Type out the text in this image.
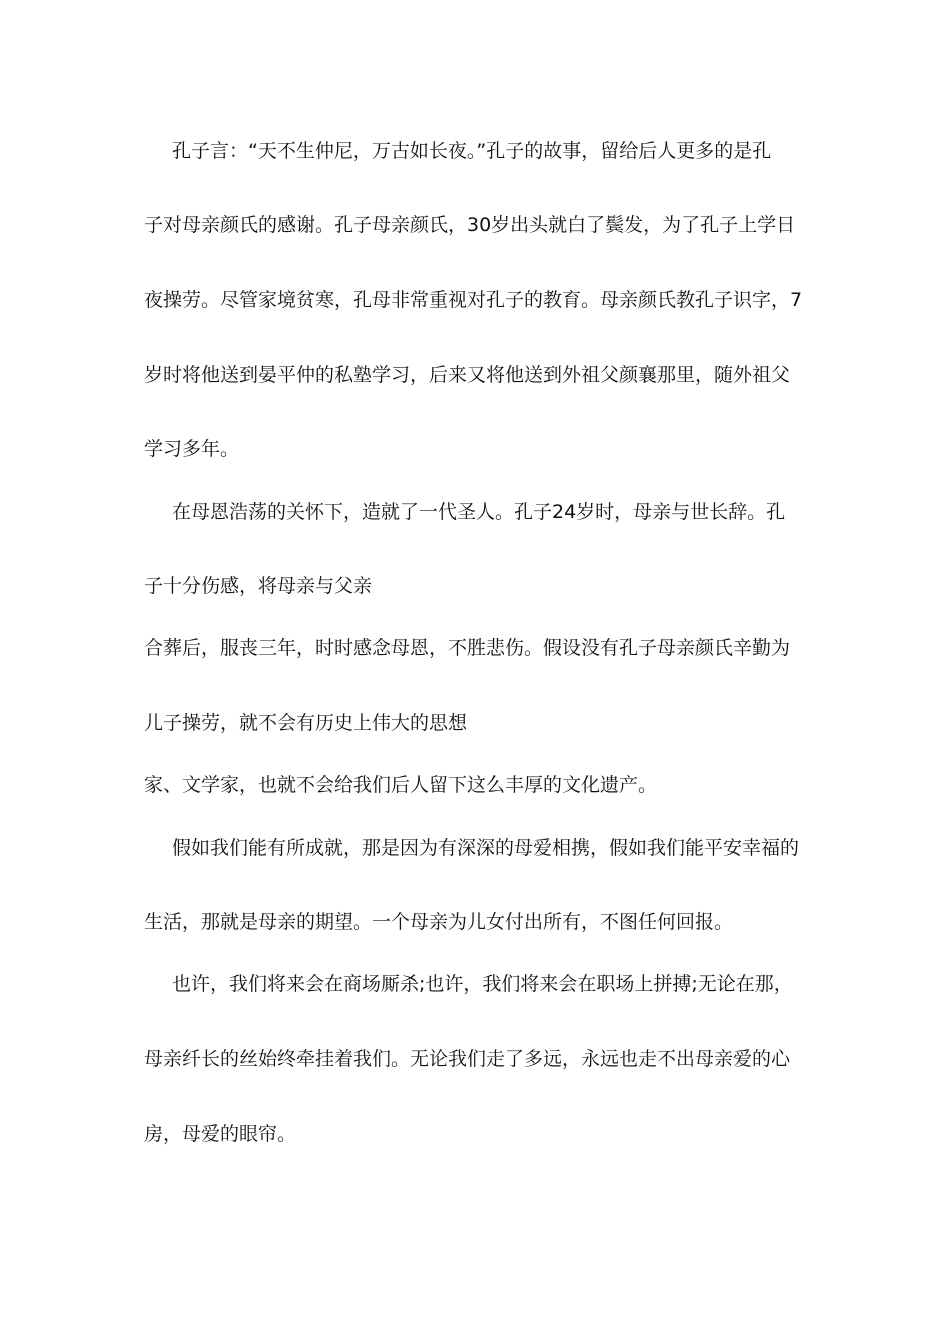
孔子言：“天不生仲尼，万古如长夜。”孔子的故事，留给后人更多的是孔

子对母亲颜氏的感谢。孔子母亲颜氏，30岁出头就白了鬓发，为了孔子上学日

夜操劳。尽管家境贫寒，孔母非常重视对孔子的教育。母亲颜氏教孔子识字，7

岁时将他送到晏平仲的私塾学习，后来又将他送到外祖父颜襄那里，随外祖父

学习多年。

在母恩浩荡的关怀下，造就了一代圣人。孔子24岁时，母亲与世长辞。孔

子十分伤感，将母亲与父亲

合葬后，服丧三年，时时感念母恩，不胜悲伤。假设没有孔子母亲颜氏辛勤为

儿子操劳，就不会有历史上伟大的思想

家、文学家，也就不会给我们后人留下这么丰厚的文化遗产。

假如我们能有所成就，那是因为有深深的母爱相携，假如我们能平安幸福的

生活，那就是母亲的期望。一个母亲为儿女付出所有，不图任何回报。

也许，我们将来会在商场厮杀;也许，我们将来会在职场上拼搏;无论在那，

母亲纤长的丝始终牵挂着我们。无论我们走了多远，永远也走不出母亲爱的心

房，母爱的眼帘。
